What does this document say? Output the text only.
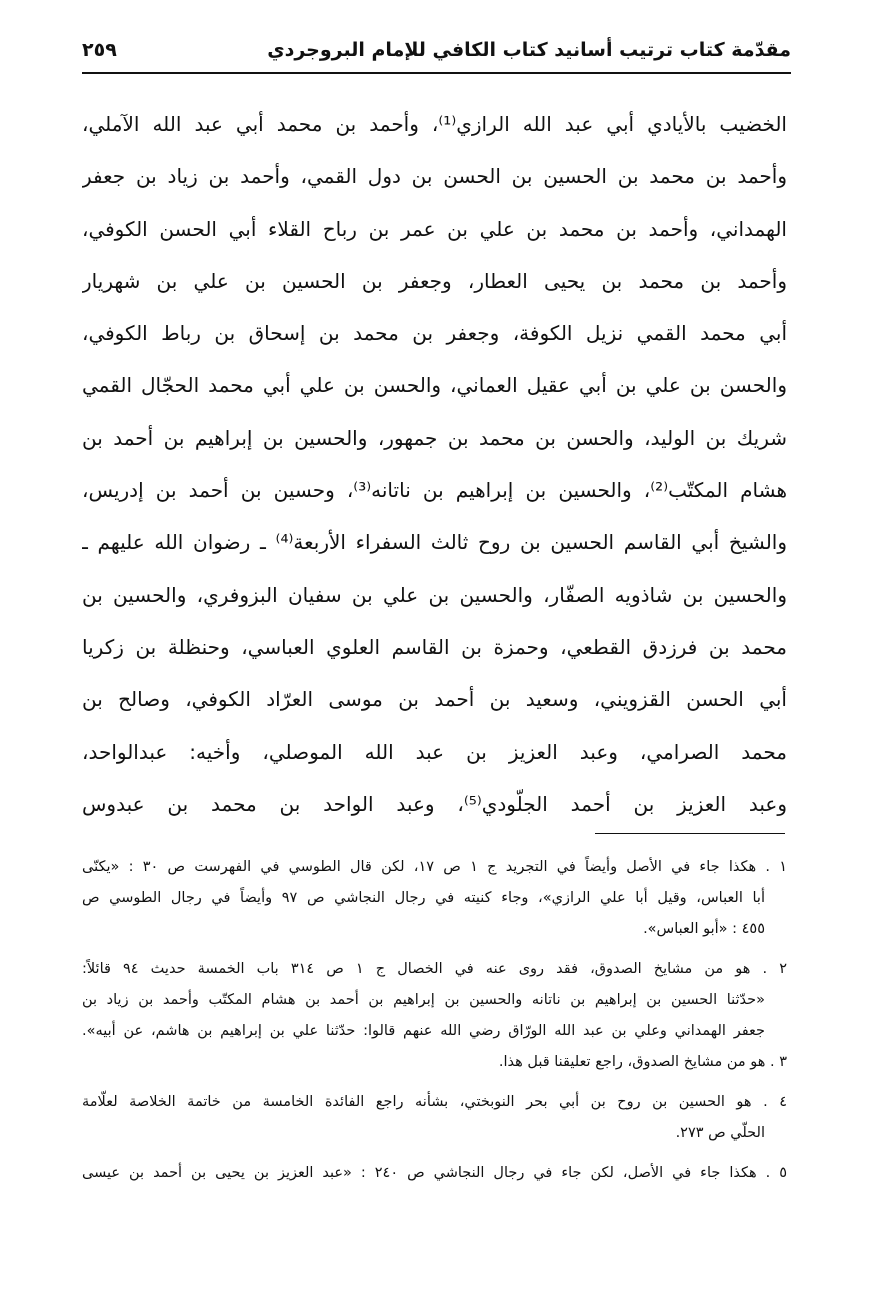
مقدّمة كتاب ترتيب أسانيد كتاب الكافي للإمام البروجردي
٢٥٩
الخضيب بالأيادي أبي عبد الله الرازي⁽¹⁾، وأحمد بن محمد أبي عبد الله الآملي،
وأحمد بن محمد بن الحسين بن الحسن بن دول القمي، وأحمد بن زياد بن جعفر
الهمداني، وأحمد بن محمد بن علي بن عمر بن رباح القلاء أبي الحسن الكوفي،
وأحمد بن محمد بن يحيى العطار، وجعفر بن الحسين بن علي بن شهريار
أبي محمد القمي نزيل الكوفة، وجعفر بن محمد بن إسحاق بن رباط الكوفي،
والحسن بن علي بن أبي عقيل العماني، والحسن بن علي أبي محمد الحجّال القمي
شريك بن الوليد، والحسن بن محمد بن جمهور، والحسين بن إبراهيم بن أحمد بن
هشام المكتّب⁽²⁾، والحسين بن إبراهيم بن ناتانه⁽³⁾، وحسين بن أحمد بن إدريس،
والشيخ أبي القاسم الحسين بن روح ثالث السفراء الأربعة⁽⁴⁾ ـ رضوان الله عليهم ـ
والحسين بن شاذويه الصفّار، والحسين بن علي بن سفيان البزوفري، والحسين بن
محمد بن فرزدق القطعي، وحمزة بن القاسم العلوي العباسي، وحنظلة بن زكريا
أبي الحسن القزويني، وسعيد بن أحمد بن موسى العرّاد الكوفي، وصالح بن
محمد الصرامي، وعبد العزيز بن عبد الله الموصلي، وأخيه: عبدالواحد،
وعبد العزيز بن أحمد الجلّودي⁽⁵⁾، وعبد الواحد بن محمد بن عبدوس
١ . هكذا جاء في الأصل وأيضاً في التجريد ج ١ ص ١٧، لكن قال الطوسي في الفهرست ص ٣٠ : «يكنّى
أبا العباس، وقيل أبا علي الرازي»، وجاء كنيته في رجال النجاشي ص ٩٧ وأيضاً في رجال الطوسي ص
٤٥٥ : «أبو العباس».
٢ . هو من مشايخ الصدوق، فقد روى عنه في الخصال ج ١ ص ٣١٤ باب الخمسة حديث ٩٤ قائلاً:
«حدّثنا الحسين بن إبراهيم بن ناتانه والحسين بن إبراهيم بن أحمد بن هشام المكتّب وأحمد بن زياد بن
جعفر الهمداني وعلي بن عبد الله الورّاق رضي الله عنهم قالوا: حدّثنا علي بن إبراهيم بن هاشم، عن أبيه».
٣ . هو من مشايخ الصدوق، راجع تعليقنا قبل هذا.
٤ . هو الحسين بن روح بن أبي بحر النوبختي، بشأنه راجع الفائدة الخامسة من خاتمة الخلاصة لعلّامة
الحلّي ص ٢٧٣.
٥ . هكذا جاء في الأصل، لكن جاء في رجال النجاشي ص ٢٤٠ : «عبد العزيز بن يحيى بن أحمد بن عيسى
